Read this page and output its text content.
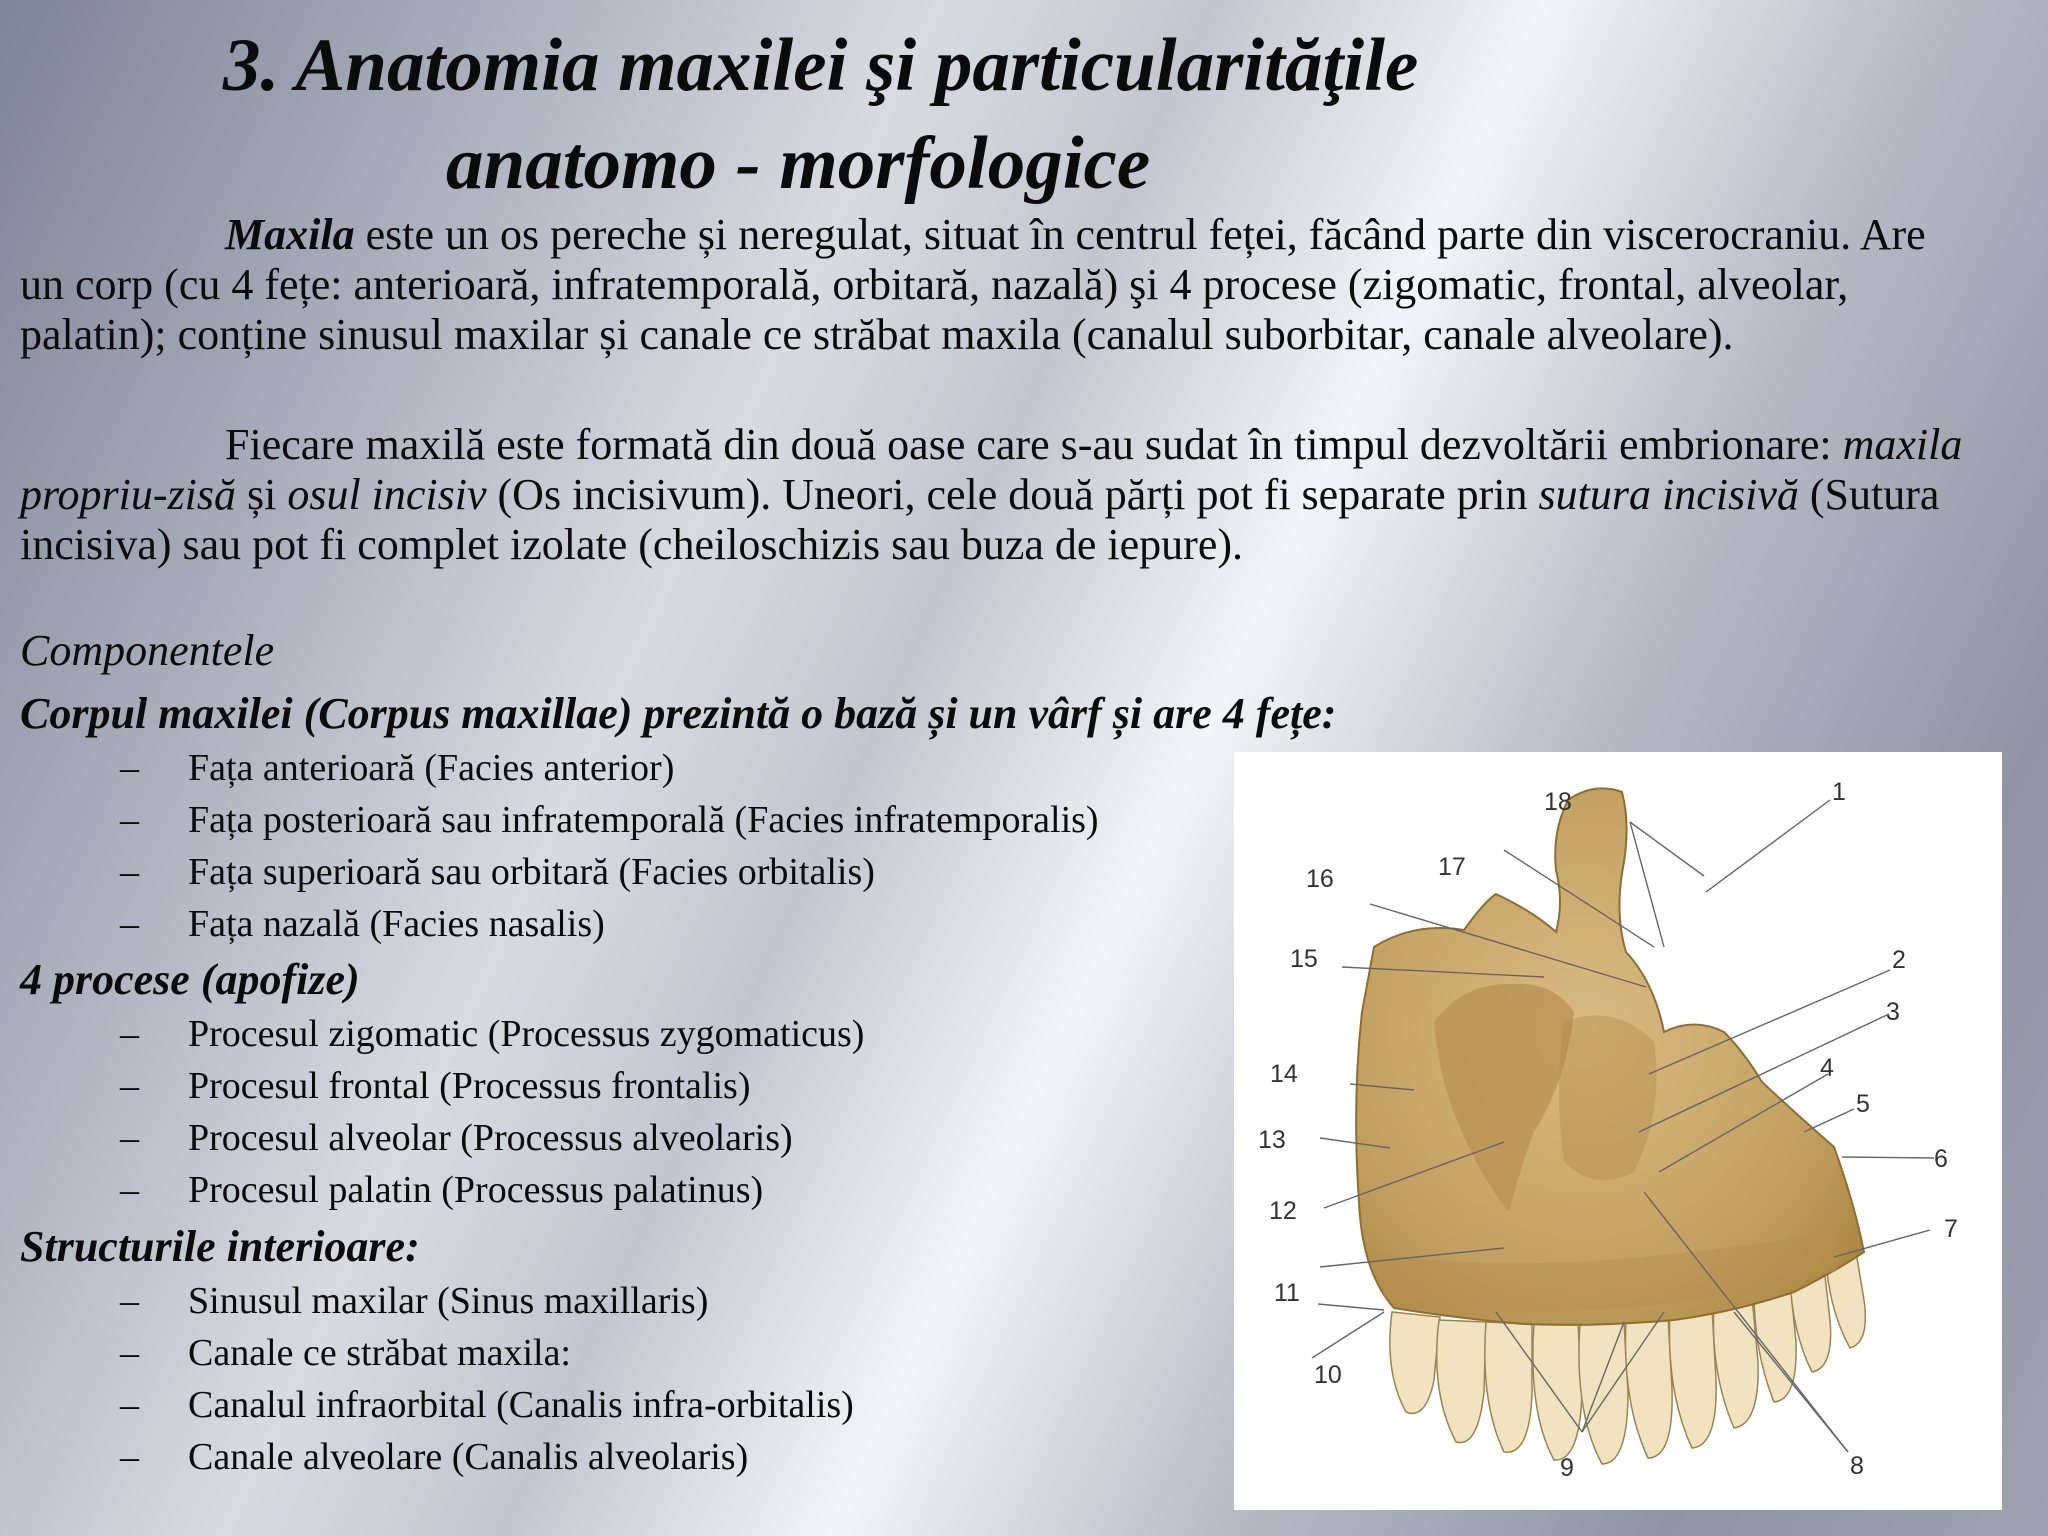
3. Anatomia maxilei şi particularităţile
anatomo - morfologice

Maxila este un os pereche și neregulat, situat în centrul feței, făcând parte din viscerocraniu. Are un corp (cu 4 fețe: anterioară, infratemporală, orbitară, nazală) şi 4 procese (zigomatic, frontal, alveolar, palatin); conține sinusul maxilar și canale ce străbat maxila (canalul suborbitar, canale alveolare).

Fiecare maxilă este formată din două oase care s-au sudat în timpul dezvoltării embrionare: maxila propriu-zisă și osul incisiv (Os incisivum). Uneori, cele două părți pot fi separate prin sutura incisivă (Sutura incisiva) sau pot fi complet izolate (cheiloschizis sau buza de iepure).

Componentele
Corpul maxilei (Corpus maxillae) prezintă o bază și un vârf și are 4 fețe:
– Fața anterioară (Facies anterior)
– Fața posterioară sau infratemporală (Facies infratemporalis)
– Fața superioară sau orbitară (Facies orbitalis)
– Fața nazală (Facies nasalis)
4 procese (apofize)
– Procesul zigomatic (Processus zygomaticus)
– Procesul frontal (Processus frontalis)
– Procesul alveolar (Processus alveolaris)
– Procesul palatin (Processus palatinus)
Structurile interioare:
– Sinusul maxilar (Sinus maxillaris)
– Canale ce străbat maxila:
– Canalul infraorbital (Canalis infra-orbitalis)
– Canale alveolare (Canalis alveolaris)
1
2
3
4
5
6
7
8
9
10
11
12
13
14
15
16	17
18
